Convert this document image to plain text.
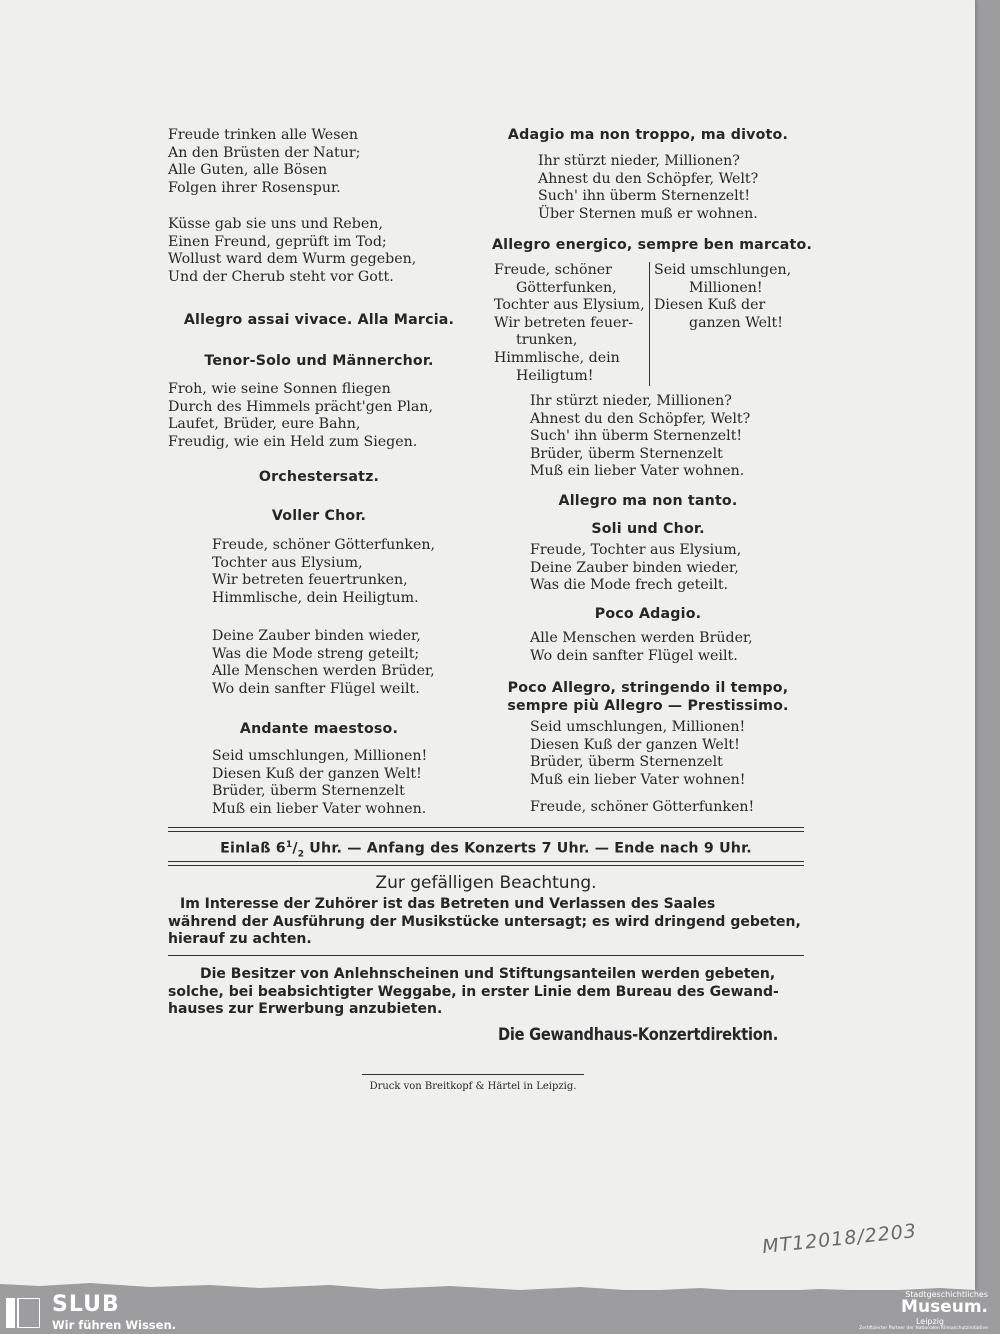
Freude trinken alle Wesen
An den Brüsten der Natur;
Alle Guten, alle Bösen
Folgen ihrer Rosenspur.
Küsse gab sie uns und Reben,
Einen Freund, geprüft im Tod;
Wollust ward dem Wurm gegeben,
Und der Cherub steht vor Gott.
Allegro assai vivace. Alla Marcia.
Tenor-Solo und Männerchor.
Froh, wie seine Sonnen fliegen
Durch des Himmels prächt'gen Plan,
Laufet, Brüder, eure Bahn,
Freudig, wie ein Held zum Siegen.
Orchestersatz.
Voller Chor.
Freude, schöner Götterfunken,
Tochter aus Elysium,
Wir betreten feuertrunken,
Himmlische, dein Heiligtum.
Deine Zauber binden wieder,
Was die Mode streng geteilt;
Alle Menschen werden Brüder,
Wo dein sanfter Flügel weilt.
Andante maestoso.
Seid umschlungen, Millionen!
Diesen Kuß der ganzen Welt!
Brüder, überm Sternenzelt
Muß ein lieber Vater wohnen.
Adagio ma non troppo, ma divoto.
Ihr stürzt nieder, Millionen?
Ahnest du den Schöpfer, Welt?
Such' ihn überm Sternenzelt!
Über Sternen muß er wohnen.
Allegro energico, sempre ben marcato.
Freude, schöner
Götterfunken,
Tochter aus Elysium,
Wir betreten feuer-
trunken,
Himmlische, dein
Heiligtum!
Seid umschlungen,
Millionen!
Diesen Kuß der
ganzen Welt!
Ihr stürzt nieder, Millionen?
Ahnest du den Schöpfer, Welt?
Such' ihn überm Sternenzelt!
Brüder, überm Sternenzelt
Muß ein lieber Vater wohnen.
Allegro ma non tanto.
Soli und Chor.
Freude, Tochter aus Elysium,
Deine Zauber binden wieder,
Was die Mode frech geteilt.
Poco Adagio.
Alle Menschen werden Brüder,
Wo dein sanfter Flügel weilt.
Poco Allegro, stringendo il tempo,
sempre più Allegro — Prestissimo.
Seid umschlungen, Millionen!
Diesen Kuß der ganzen Welt!
Brüder, überm Sternenzelt
Muß ein lieber Vater wohnen!
Freude, schöner Götterfunken!
Einlaß $6^1/_2$ Uhr. — Anfang des Konzerts 7 Uhr. — Ende nach 9 Uhr.
Zur gefälligen Beachtung.
Im Interesse der Zuhörer ist das Betreten und Verlassen des Saales
während der Ausführung der Musikstücke untersagt; es wird dringend gebeten,
hierauf zu achten.
Die Besitzer von Anlehnscheinen und Stiftungsanteilen werden gebeten,
solche, bei beabsichtigter Weggabe, in erster Linie dem Bureau des Gewand-
hauses zur Erwerbung anzubieten.
Die Gewandhaus-Konzertdirektion.
Druck von Breitkopf & Härtel in Leipzig.
MT12018/2203
SLUB
Wir führen Wissen.
Stadtgeschichtliches
Museum.
Leipzig
Zertifizierter Partner der Nationalen Klimaschutzinitiative
